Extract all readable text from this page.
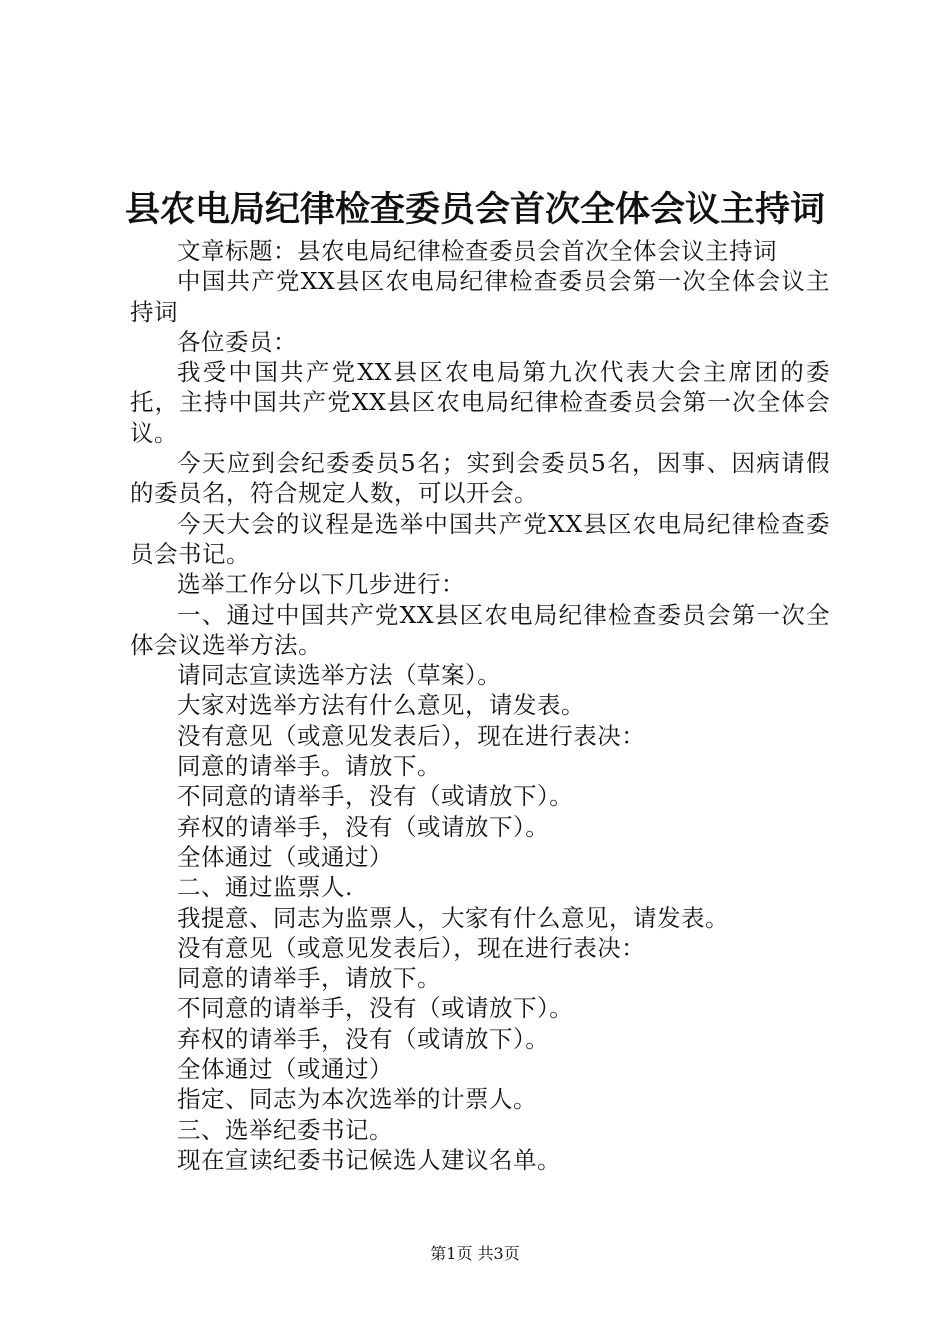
县农电局纪律检查委员会首次全体会议主持词

文章标题：县农电局纪律检查委员会首次全体会议主持词

中国共产党XX县区农电局纪律检查委员会第一次全体会议主持词

各位委员：

我受中国共产党XX县区农电局第九次代表大会主席团的委托，主持中国共产党XX县区农电局纪律检查委员会第一次全体会议。

今天应到会纪委委员5名；实到会委员5名，因事、因病请假的委员名，符合规定人数，可以开会。

今天大会的议程是选举中国共产党XX县区农电局纪律检查委员会书记。

选举工作分以下几步进行：

一、通过中国共产党XX县区农电局纪律检查委员会第一次全体会议选举方法。

请同志宣读选举方法（草案）。

大家对选举方法有什么意见，请发表。

没有意见（或意见发表后），现在进行表决：

同意的请举手。请放下。

不同意的请举手，没有（或请放下）。

弃权的请举手，没有（或请放下）。

全体通过（或通过）

二、通过监票人.

我提意、同志为监票人，大家有什么意见，请发表。

没有意见（或意见发表后），现在进行表决：

同意的请举手，请放下。

不同意的请举手，没有（或请放下）。

弃权的请举手，没有（或请放下）。

全体通过（或通过）

指定、同志为本次选举的计票人。

三、选举纪委书记。

现在宣读纪委书记候选人建议名单。

第1页 共3页
